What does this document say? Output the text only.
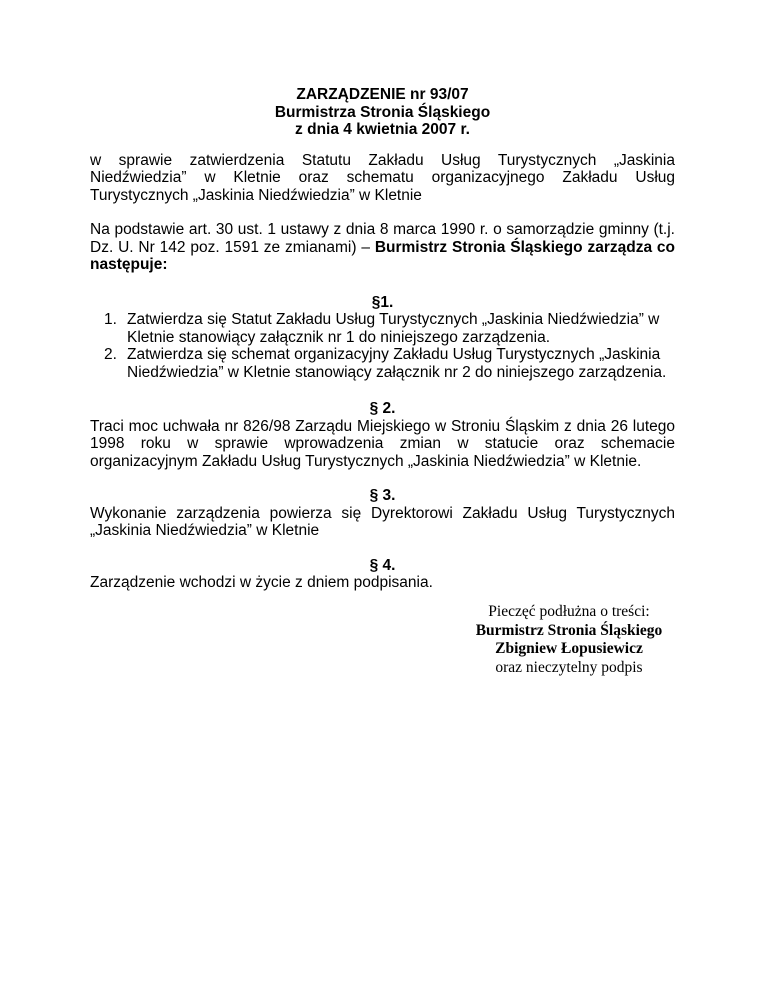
ZARZĄDZENIE nr 93/07
Burmistrza Stronia Śląskiego
z dnia 4 kwietnia 2007 r.

w sprawie zatwierdzenia Statutu Zakładu Usług Turystycznych „Jaskinia Niedźwiedzia” w Kletnie oraz schematu organizacyjnego Zakładu Usług Turystycznych „Jaskinia Niedźwiedzia” w Kletnie

Na podstawie art. 30 ust. 1 ustawy z dnia 8 marca 1990 r. o samorządzie gminny (t.j. Dz. U. Nr 142 poz. 1591 ze zmianami) – Burmistrz Stronia Śląskiego zarządza co następuje:

§1.
1. Zatwierdza się Statut Zakładu Usług Turystycznych „Jaskinia Niedźwiedzia” w Kletnie stanowiący załącznik nr 1 do niniejszego zarządzenia.
2. Zatwierdza się schemat organizacyjny Zakładu Usług Turystycznych „Jaskinia Niedźwiedzia” w Kletnie stanowiący załącznik nr 2 do niniejszego zarządzenia.
§ 2.

Traci moc uchwała nr 826/98 Zarządu Miejskiego w Stroniu Śląskim z dnia 26 lutego 1998 roku w sprawie wprowadzenia zmian w statucie oraz schemacie organizacyjnym Zakładu Usług Turystycznych „Jaskinia Niedźwiedzia” w Kletnie.

§ 3.

Wykonanie zarządzenia powierza się Dyrektorowi Zakładu Usług Turystycznych „Jaskinia Niedźwiedzia” w Kletnie

§ 4.

Zarządzenie wchodzi w życie z dniem podpisania.

Pieczęć podłużna o treści:
Burmistrz Stronia Śląskiego
Zbigniew Łopusiewicz
oraz nieczytelny podpis
